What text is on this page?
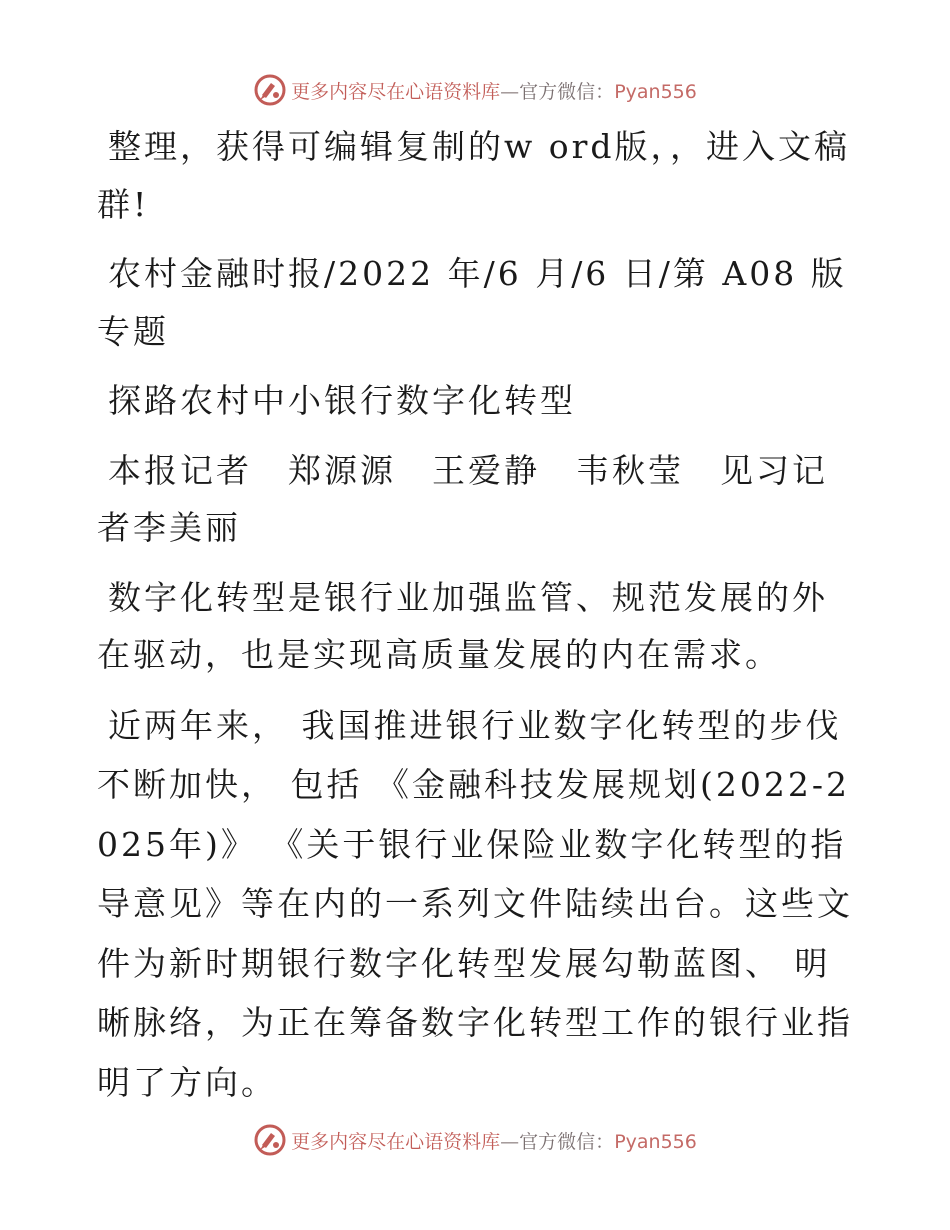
更多内容尽在心语资料库—官方微信：Pyan556

整理，获得可编辑复制的w ord版，，进入文稿群!

农村金融时报/2022 年/6 月/6 日/第 A08 版专题

探路农村中小银行数字化转型

本报记者　郑源源　王爱静　韦秋莹　见习记者李美丽

数字化转型是银行业加强监管、规范发展的外在驱动，也是实现高质量发展的内在需求。

近两年来， 我国推进银行业数字化转型的步伐不断加快， 包括 《金融科技发展规划(2022-2025年)》 《关于银行业保险业数字化转型的指导意见》等在内的一系列文件陆续出台。这些文件为新时期银行数字化转型发展勾勒蓝图、 明晰脉络，为正在筹备数字化转型工作的银行业指明了方向。

更多内容尽在心语资料库—官方微信：Pyan556
